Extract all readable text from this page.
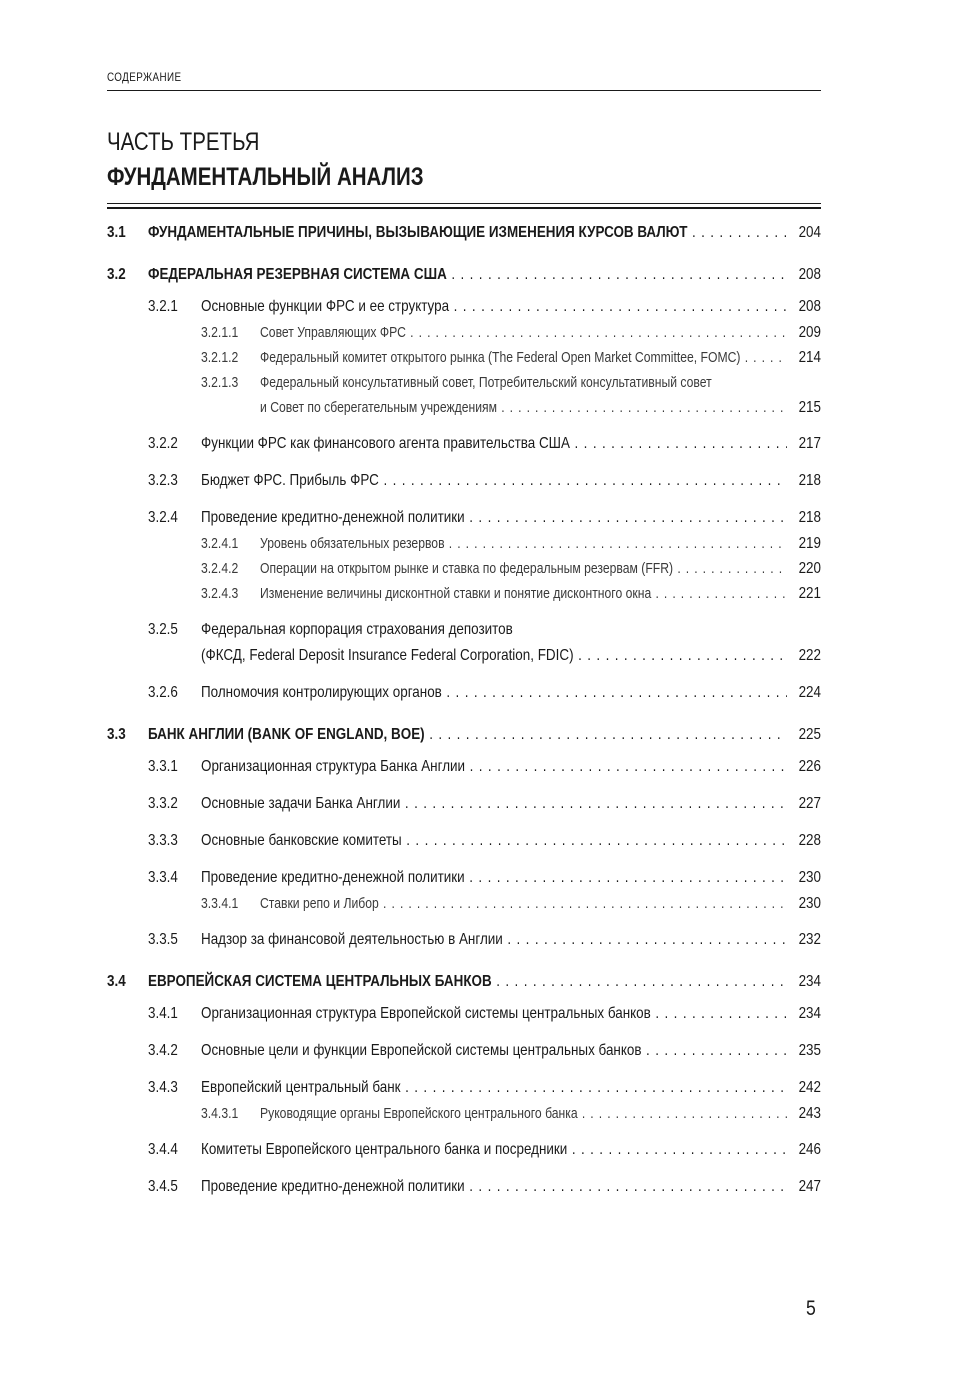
СОДЕРЖАНИЕ
ЧАСТЬ ТРЕТЬЯ
ФУНДАМЕНТАЛЬНЫЙ АНАЛИЗ
3.1 ФУНДАМЕНТАЛЬНЫЕ ПРИЧИНЫ, ВЫЗЫВАЮЩИЕ ИЗМЕНЕНИЯ КУРСОВ ВАЛЮТ . . .	204
3.2 ФЕДЕРАЛЬНАЯ РЕЗЕРВНАЯ СИСТЕМА США . . .	208
3.2.1 Основные функции ФРС и ее структура . . .	208
3.2.1.1 Совет Управляющих ФРС . . .	209
3.2.1.2 Федеральный комитет открытого рынка (The Federal Open Market Committee, FOMC) . . .	214
3.2.1.3 Федеральный консультативный совет, Потребительский консультативный совет
и Совет по сберегательным учреждениям . . .	215
3.2.2 Функции ФРС как финансового агента правительства США . . .	217
3.2.3 Бюджет ФРС. Прибыль ФРС . . .	218
3.2.4 Проведение кредитно-денежной политики . . .	218
3.2.4.1 Уровень обязательных резервов . . .	219
3.2.4.2 Операции на открытом рынке и ставка по федеральным резервам (FFR) . . .	220
3.2.4.3 Изменение величины дисконтной ставки и понятие дисконтного окна . . .	221
3.2.5 Федеральная корпорация страхования депозитов
(ФКСД, Federal Deposit Insurance Federal Corporation, FDIC) . . .	222
3.2.6 Полномочия контролирующих органов . . .	224
3.3 БАНК АНГЛИИ (BANK OF ENGLAND, BOE) . . .	225
3.3.1 Организационная структура Банка Англии . . .	226
3.3.2 Основные задачи Банка Англии . . .	227
3.3.3 Основные банковские комитеты . . .	228
3.3.4 Проведение кредитно-денежной политики . . .	230
3.3.4.1 Ставки репо и Либор . . .	230
3.3.5 Надзор за финансовой деятельностью в Англии . . .	232
3.4 ЕВРОПЕЙСКАЯ СИСТЕМА ЦЕНТРАЛЬНЫХ БАНКОВ . . .	234
3.4.1 Организационная структура Европейской системы центральных банков . . .	234
3.4.2 Основные цели и функции Европейской системы центральных банков . . .	235
3.4.3 Европейский центральный банк . . .	242
3.4.3.1 Руководящие органы Европейского центрального банка . . .	243
3.4.4 Комитеты Европейского центрального банка и посредники . . .	246
3.4.5 Проведение кредитно-денежной политики . . .	247
5
